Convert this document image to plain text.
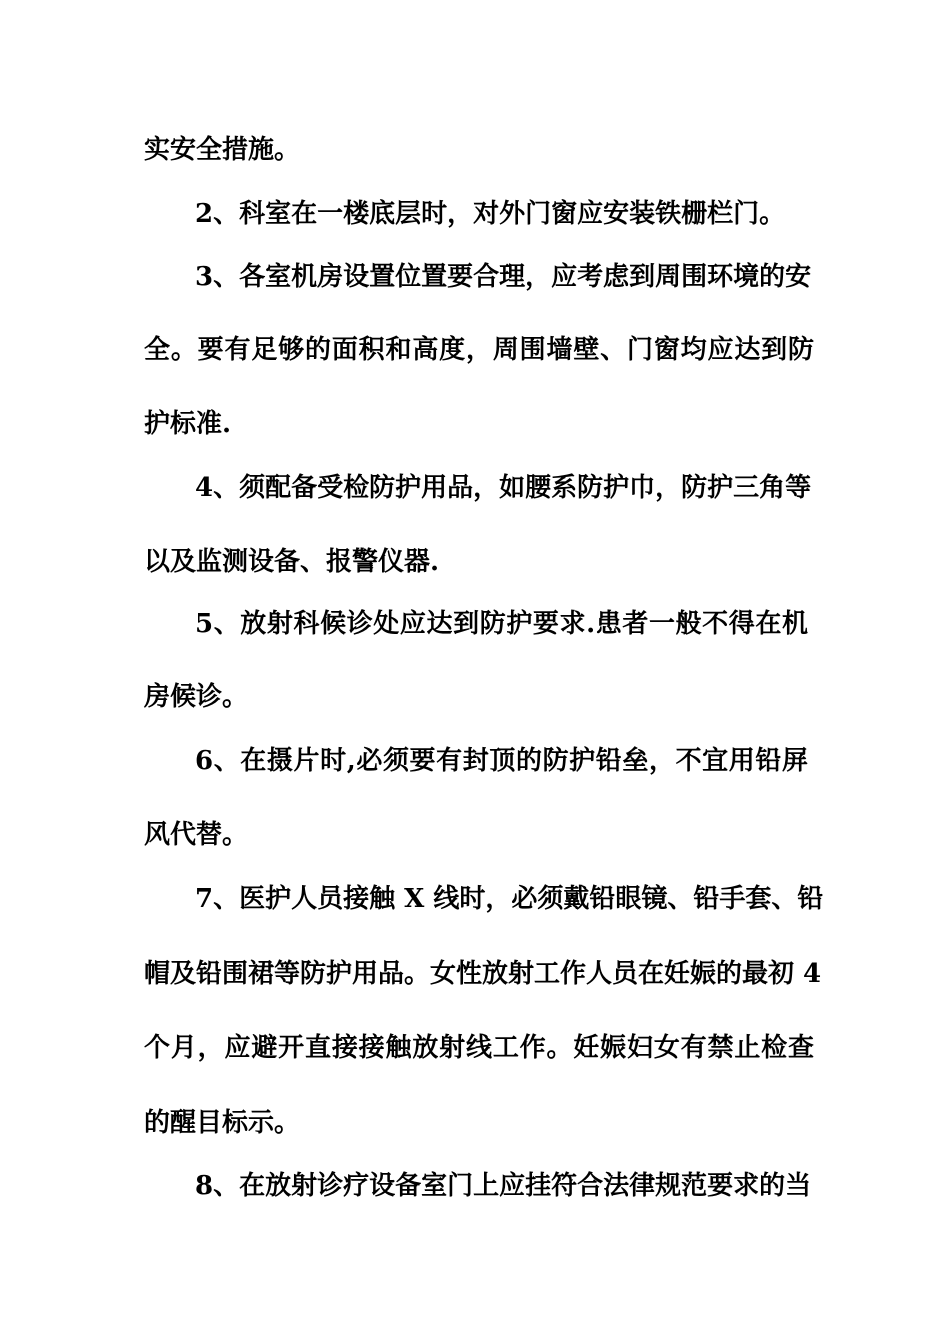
实安全措施。
2、科室在一楼底层时，对外门窗应安装铁栅栏门。
3、各室机房设置位置要合理，应考虑到周围环境的安
全。要有足够的面积和高度，周围墙壁、门窗均应达到防
护标准.
4、须配备受检防护用品，如腰系防护巾，防护三角等
以及监测设备、报警仪器.
5、放射科候诊处应达到防护要求.患者一般不得在机
房候诊。
6、在摄片时,必须要有封顶的防护铅垒，不宜用铅屏
风代替。
7、医护人员接触 X 线时，必须戴铅眼镜、铅手套、铅
帽及铅围裙等防护用品。女性放射工作人员在妊娠的最初 4
个月，应避开直接接触放射线工作。妊娠妇女有禁止检查
的醒目标示。
8、在放射诊疗设备室门上应挂符合法律规范要求的当
